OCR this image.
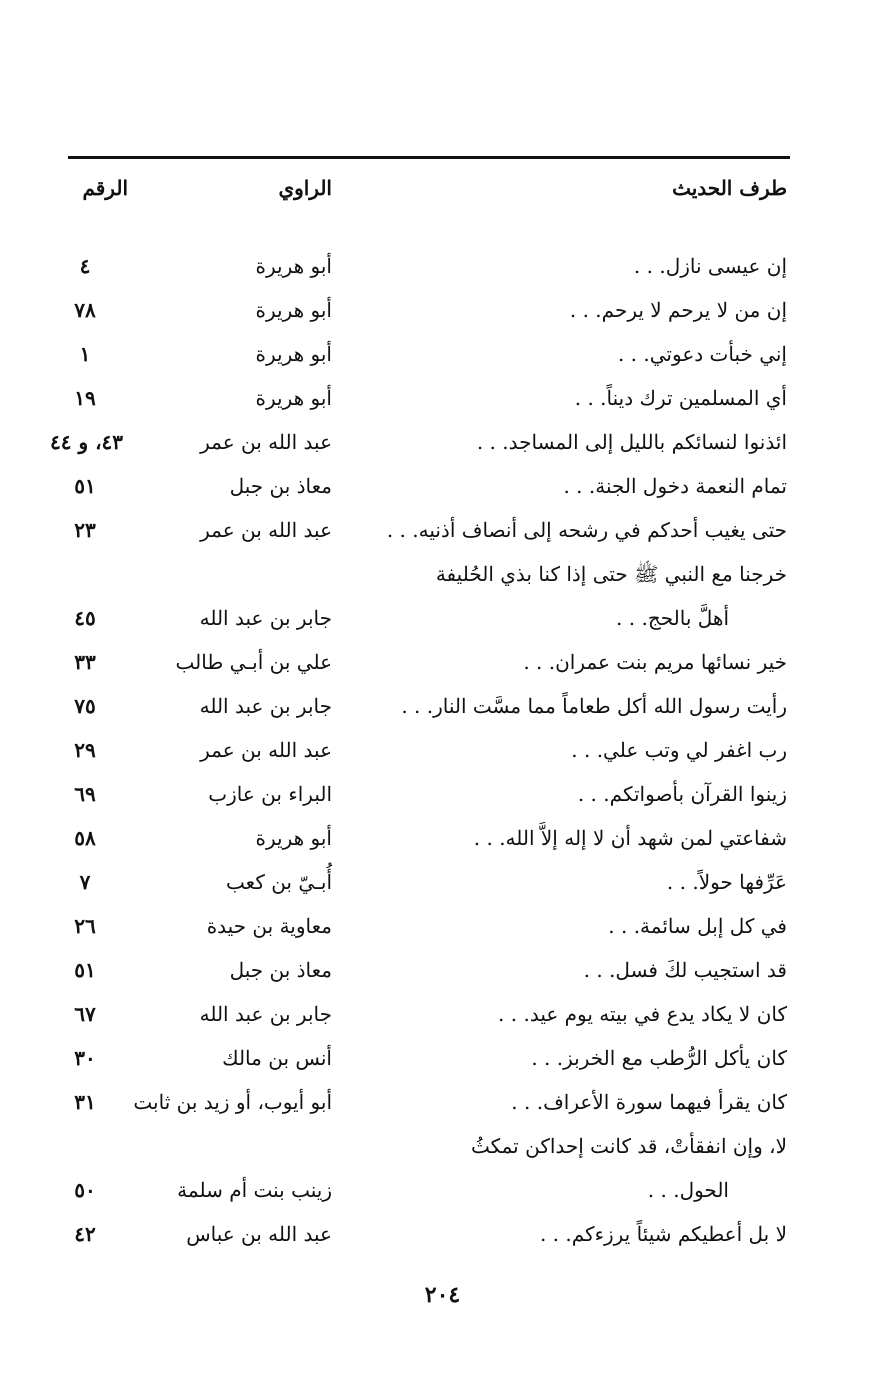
طرف الحديث
الراوي
الرقم
إن عيسى نازل. . .
أبو هريرة
٤
إن من لا يرحم لا يرحم. . .
أبو هريرة
٧٨
إني خبأت دعوتي. . .
أبو هريرة
١
أي المسلمين ترك ديناً. . .
أبو هريرة
١٩
ائذنوا لنسائكم بالليل إلى المساجد. . .
عبد الله بن عمر
٤٣، و ٤٤
تمام النعمة دخول الجنة. . .
معاذ بن جبل
٥١
حتى يغيب أحدكم في رشحه إلى أنصاف أذنيه. . .
عبد الله بن عمر
٢٣
خرجنا مع النبي ﷺ حتى إذا كنا بذي الحُليفة
أهلَّ بالحج. . .
جابر بن عبد الله
٤٥
خير نسائها مريم بنت عمران. . .
علي بن أبـي طالب
٣٣
رأيت رسول الله أكل طعاماً مما مسَّت النار. . .
جابر بن عبد الله
٧٥
رب اغفر لي وتب علي. . .
عبد الله بن عمر
٢٩
زينوا القرآن بأصواتكم. . .
البراء بن عازب
٦٩
شفاعتي لمن شهد أن لا إله إلاَّ الله. . .
أبو هريرة
٥٨
عَرِّفها حولاً. . .
أُبـيّ بن كعب
٧
في كل إبل سائمة. . .
معاوية بن حيدة
٢٦
قد استجيب لكَ فسل. . .
معاذ بن جبل
٥١
كان لا يكاد يدع في بيته يوم عيد. . .
جابر بن عبد الله
٦٧
كان يأكل الرُّطب مع الخربز. . .
أنس بن مالك
٣٠
كان يقرأ فيهما سورة الأعراف. . .
أبو أيوب، أو زيد بن ثابت
٣١
لا، وإن انفقأتْ، قد كانت إحداكن تمكثُ
الحول. . .
زينب بنت أم سلمة
٥٠
لا بل أعطيكم شيئاً يرزءكم. . .
عبد الله بن عباس
٤٢
٢٠٤
